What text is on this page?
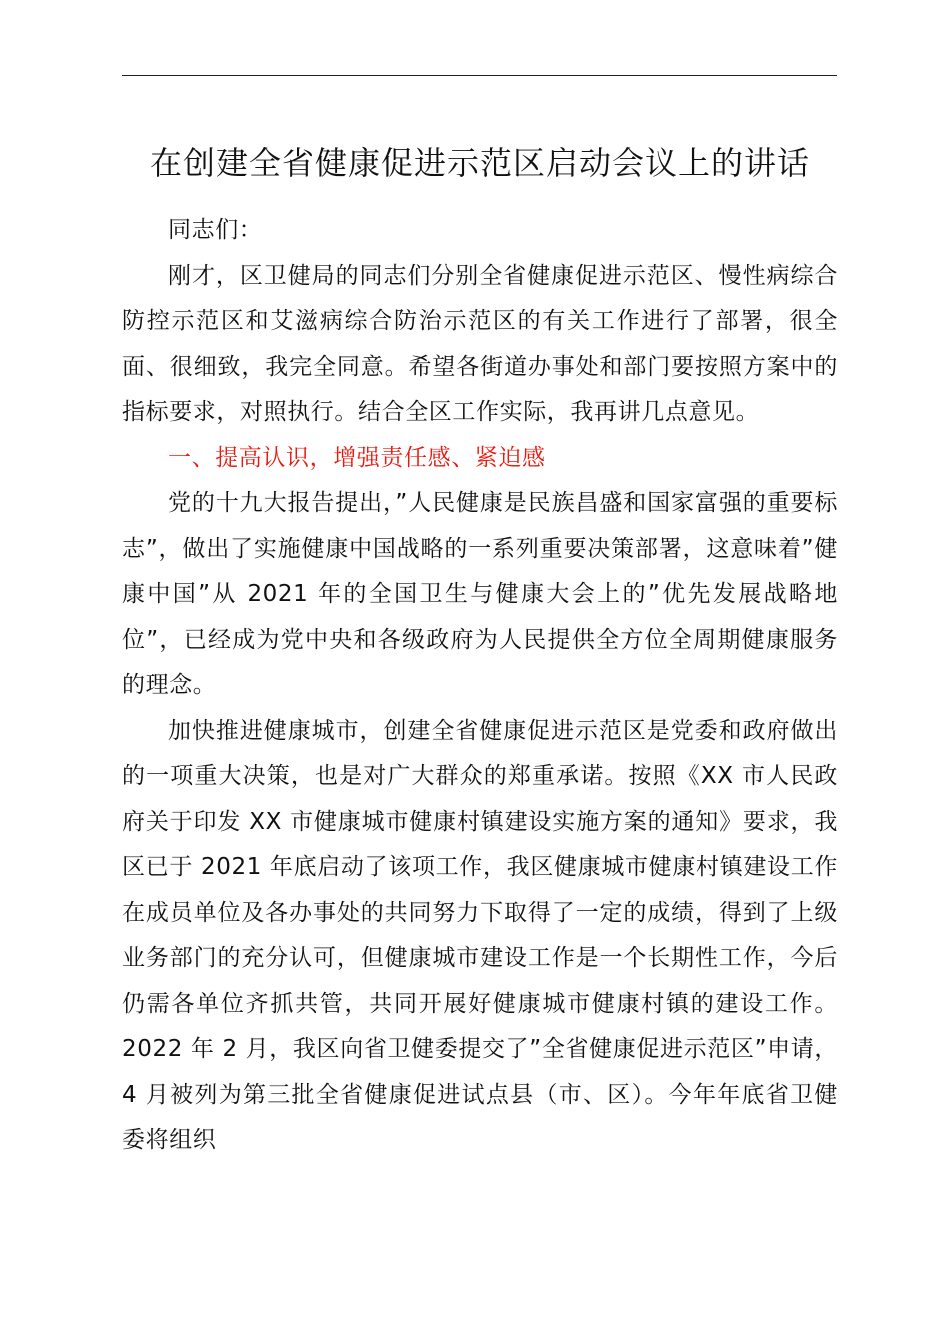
在创建全省健康促进示范区启动会议上的讲话

同志们：

刚才，区卫健局的同志们分别全省健康促进示范区、慢性病综合防控示范区和艾滋病综合防治示范区的有关工作进行了部署，很全面、很细致，我完全同意。希望各街道办事处和部门要按照方案中的指标要求，对照执行。结合全区工作实际，我再讲几点意见。

一、提高认识，增强责任感、紧迫感

党的十九大报告提出，”人民健康是民族昌盛和国家富强的重要标志”，做出了实施健康中国战略的一系列重要决策部署，这意味着”健康中国”从 2021 年的全国卫生与健康大会上的”优先发展战略地位”，已经成为党中央和各级政府为人民提供全方位全周期健康服务的理念。

加快推进健康城市，创建全省健康促进示范区是党委和政府做出的一项重大决策，也是对广大群众的郑重承诺。按照《XX 市人民政府关于印发 XX 市健康城市健康村镇建设实施方案的通知》要求，我区已于 2021 年底启动了该项工作，我区健康城市健康村镇建设工作在成员单位及各办事处的共同努力下取得了一定的成绩，得到了上级业务部门的充分认可，但健康城市建设工作是一个长期性工作，今后仍需各单位齐抓共管，共同开展好健康城市健康村镇的建设工作。2022 年 2 月，我区向省卫健委提交了”全省健康促进示范区”申请，4 月被列为第三批全省健康促进试点县（市、区）。今年年底省卫健委将组织
